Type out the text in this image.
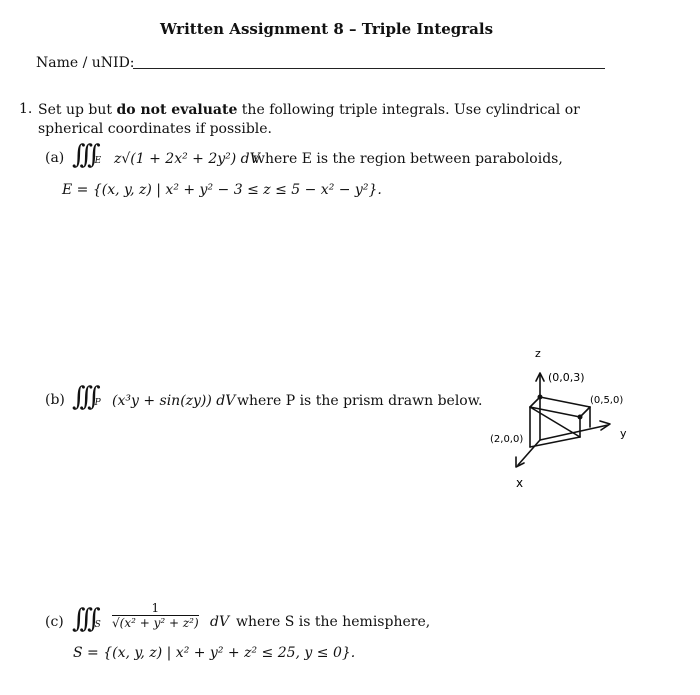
Written Assignment 8 – Triple Integrals
Name / uNID:
1. Set up but do not evaluate the following triple integrals. Use cylindrical or spherical coordinates if possible.
(a) ∫∫∫E z√(1 + 2x² + 2y²) dV
where E is the region between paraboloids,
E = {(x, y, z) | x² + y² − 3 ≤ z ≤ 5 − x² − y²}.
(b) ∫∫∫P (x³y + sin(zy)) dV where P is the prism drawn below.
z
(0,0,3)
(0,5,0)
y
(2,0,0)
x
(c) $\int\int\int S \frac{1}{\text{√(x² + y² + z²)}}$ dV where S is the hemisphere,
S = {(x, y, z) | x² + y² + z² ≤ 25, y ≤ 0}.
